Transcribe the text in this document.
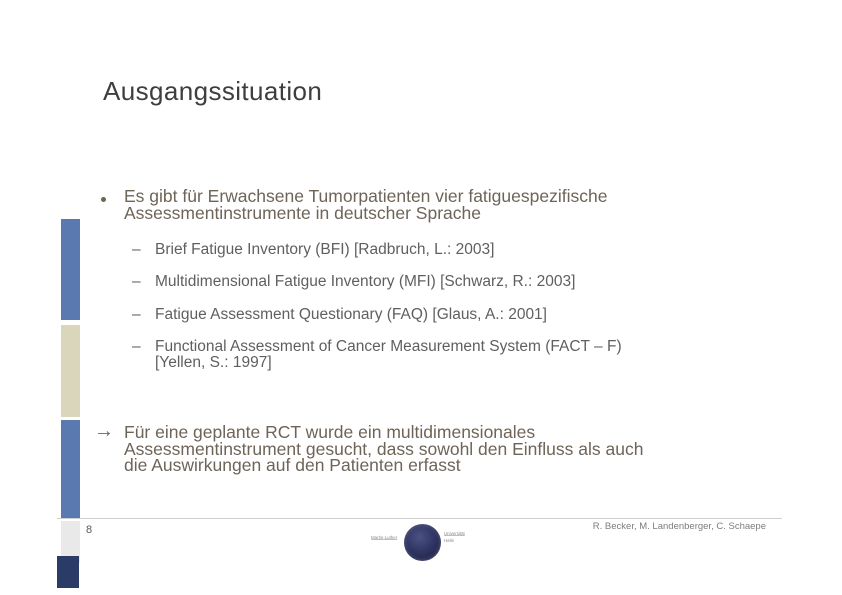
Ausgangssituation
Es gibt für Erwachsene Tumorpatienten vier fatiguespezifische
Assessmentinstrumente in deutscher Sprache
– Brief Fatigue Inventory (BFI) [Radbruch, L.: 2003]
– Multidimensional Fatigue Inventory (MFI) [Schwarz, R.: 2003]
– Fatigue Assessment Questionary (FAQ) [Glaus, A.: 2001]
– Functional Assessment of Cancer Measurement System (FACT – F)
[Yellen, S.: 1997]
→ Für eine geplante RCT wurde ein multidimensionales
Assessmentinstrument gesucht, dass sowohl den Einfluss als auch
die Auswirkungen auf den Patienten erfasst
8
Martin-Luther
Universität
Halle
R. Becker, M. Landenberger, C. Schaepe
